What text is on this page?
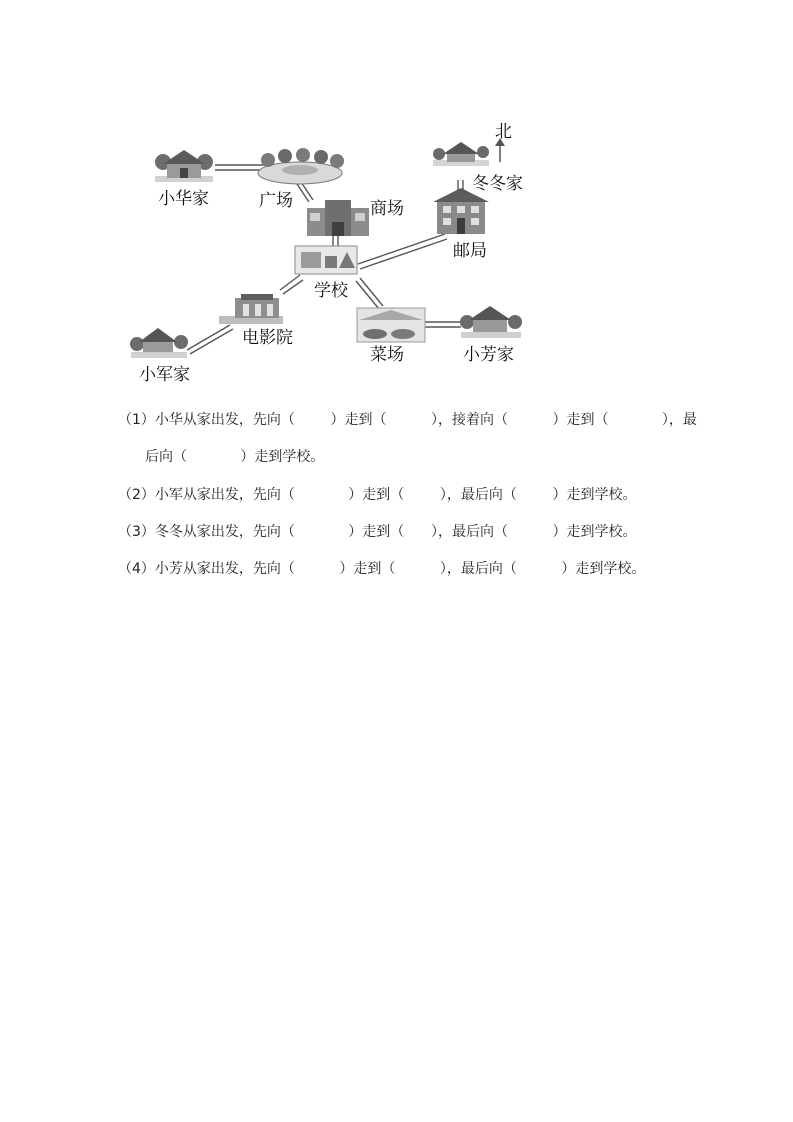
北
小华家	广场	商场
冬冬家
邮局
学校
电影院
小军家
菜场	小芳家
（1）小华从家出发，先向（        ）走到（          ），接着向（          ）走到（            ），最
后向（            ）走到学校。
（2）小军从家出发，先向（            ）走到（        ），最后向（        ）走到学校。
（3）冬冬从家出发，先向（            ）走到（      ），最后向（          ）走到学校。
（4）小芳从家出发，先向（          ）走到（          ），最后向（          ）走到学校。
